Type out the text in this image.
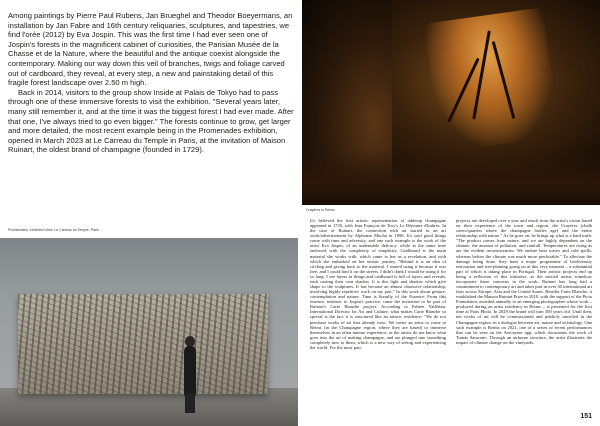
Among paintings by Pierre Paul Rubens, Jan Brueghel and Theodor Boeyermans, an installation by Jan Fabre and 16th century reliquaries, sculptures, and tapestries, we find l'orée (2012) by Eva Jospin. This was the first time I had ever seen one of Jospin's forests in the magnificent cabinet of curiosities, the Parisian Musée de la Chasse et de la Nature, where the beautiful and the antique coexist alongside the contemporary. Making our way down this veil of branches, twigs and foliage carved out of cardboard, they reveal, at every step, a new and painstaking detail of this fragile forest landscape over 2.50 m high.

Back in 2014, visitors to the group show Inside at Palais de Tokyo had to pass through one of these immersive forests to visit the exhibition. "Several years later, many still remember it, and at the time it was the biggest forest I had ever made. After that one, I've always tried to go even bigger." The forests continue to grow, get larger and more detailed, the most recent example being in the Promenades exhibition, opened in March 2023 at Le Carreau du Temple in Paris, at the invitation of Maison Ruinart, the oldest brand of champagne (founded in 1729).

Promenades, exhibition view. Le Carreau du Temple, Paris
Crayères in Reims

It's believed the first artistic representation of tabletop champagne appeared in 1735, with Jean François de Troy's Le Déjeuner d'huîtres. In the case of Ruinart, the connection with art started in an art work/advertisement by Alphonse Mucha in 1896. It's said good things come with time and adversity, and one such example is the work of the artist Eva Jospin, of an undeniable delicacy, while at the same time endowed with the complexity of simplicity. Cardboard is the main material she works with, which came to her as a revelation, and with which she embarked on her artistic journey. "Behind it is an idea of circling and giving back to the material. I started using it because it was free, and I could find it on the streets. I didn't think I would be using it for so long. I see layers in things and cardboard is full of layers and reveals, each casting their own shadow. It is this light and shadow which give shape to the sculptures. It has become an almost obsessive relationship, involving highly repetitive work on my part." In this work about gesture, contemplation and nature, Time is literally of the Essence. From this essence, intrinsic to Jospin's practice, came the invitation to be part of Ruinart's Carte Blanche project. According to Fabien Vallérian, International Director for Art and Culture, what makes Carte Blanche so special is the fact it is structured like an artistic residence: "We do not purchase works of art that already exist. We invite an artist to come to Reims (in the Champagne region, where they are based) to immerse themselves in an often intense experience, as the artists do not know what goes into the art of making champagne, and are plunged into something completely new to them, which is a new way of seeing and experiencing the world. For the most part,

projects are developed over a year and result from the artist's vision based on their experience of the town and region, the Crayères (chalk caves/quarries where the champagne bottles age) and the entire relationship with nature." As he goes on, he brings up what is a hard truth: "The product comes from nature, and we are highly dependent on the climate, the amount of pollution, and rainfall. Temperatures are rising as are the evident inconsistencies. We endure heat waves and cold spells, whereas before the climate was much more predictable." To alleviate the damage being done, they have a major programme of biodiversity restoration and tree-planting going on at this very moment – a substantial part of which is taking place in Portugal. Their artistic projects end up being a reflection of this initiative, as the invited artists somehow incorporate these concerns in the work. Ruinart has long had a commitment to contemporary art and takes part in over 30 international art fairs across Europe, Asia and the United States. Besides Carte Blanche, it established the Maison Ruinart Prize in 2018, with the support of the Picto Foundation, awarded annually to an emerging photographer whose work – produced during an artist residency in Reims – is presented for the first time at Paris Photo. In 2029 the brand will turn 300 years old. Until then, ten works of art will be commissioned and publicly unveiled in the Champagne region, in a dialogue between art, nature and technology. One such example is Reims on 2021, one of a series of recent performances that can be seen on the Aerosense app, which documents the work of Tomás Saraceno. Through an airborne structure, the artist illustrates the impact of climate change on the vineyards.

151
